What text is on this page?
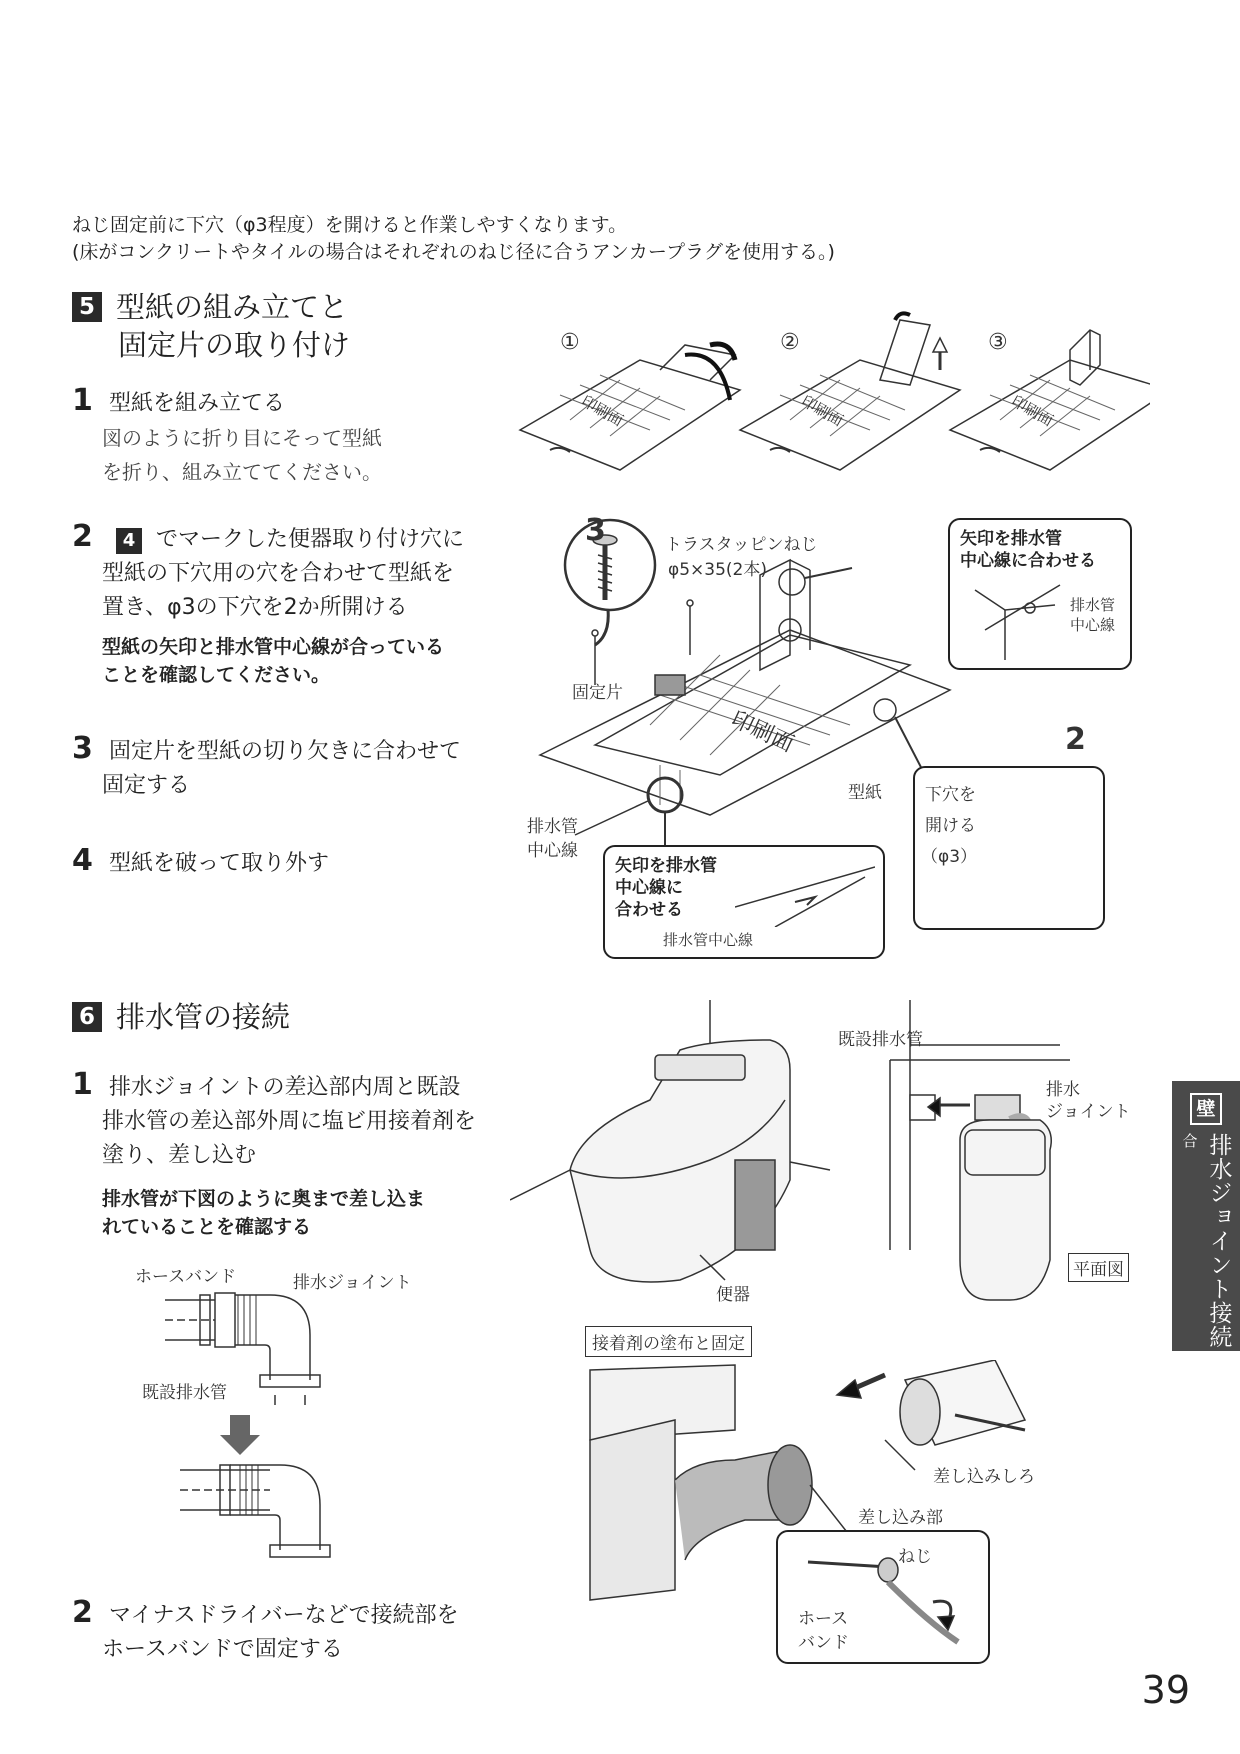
ねじ固定前に下穴（φ3程度）を開けると作業しやすくなります。
(床がコンクリートやタイルの場合はそれぞれのねじ径に合うアンカープラグを使用する。)
5 型紙の組み立てと
固定片の取り付け
1 型紙を組み立てる
図のように折り目にそって型紙
を折り、組み立ててください。
2 4 でマークした便器取り付け穴に
型紙の下穴用の穴を合わせて型紙を
置き、φ3の下穴を2か所開ける
型紙の矢印と排水管中心線が合っている
ことを確認してください。
3 固定片を型紙の切り欠きに合わせて
固定する
4 型紙を破って取り外す
①	②	③
印刷面	印刷面	印刷面
3	トラスタッピンねじ
φ5×35(2本)
矢印を排水管
中心線に合わせる
排水管
中心線
固定片
印刷面
型紙
排水管
中心線
2
下穴を
開ける
（φ3）
矢印を排水管
中心線に
合わせる
排水管中心線
6 排水管の接続
1 排水ジョイントの差込部内周と既設
排水管の差込部外周に塩ビ用接着剤を
塗り、差し込む
排水管が下図のように奥まで差し込ま
れていることを確認する
ホースバンド	排水ジョイント
既設排水管
2 マイナスドライバーなどで接続部を
ホースバンドで固定する
既設排水管
排水
ジョイント
便器
平面図
接着剤の塗布と固定
差し込みしろ
差し込み部
ねじ
ホース
バンド
壁
排水ジョイント接続の場合
39
